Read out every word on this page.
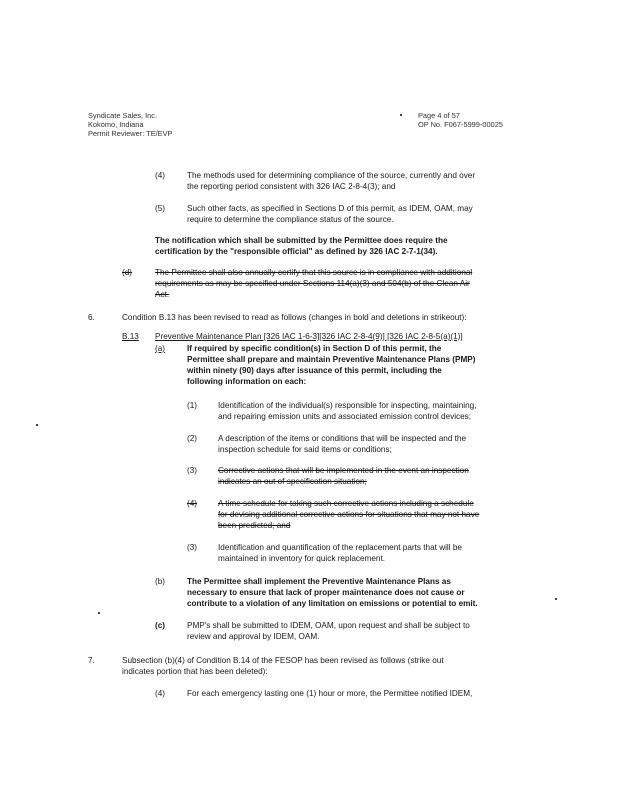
Syndicate Sales, Inc.
Kokomo, Indiana
Permit Reviewer: TE/EVP
Page 4 of 57
OP No. F067-5999-00025
(4)	The methods used for determining compliance of the source, currently and over
the reporting period consistent with 326 IAC 2-8-4(3); and
(5)	Such other facts, as specified in Sections D of this permit, as IDEM, OAM, may
require to determine the compliance status of the source.
The notification which shall be submitted by the Permittee does require the
certification by the "responsible official" as defined by 326 IAC 2-7-1(34).
(d)	The Permittee shall also annually certify that this source is in compliance with additional
requirements as may be specified under Sections 114(a)(3) and 504(b) of the Clean Air
Act.
6.	Condition B.13 has been revised to read as follows (changes in bold and deletions in strikeout):
B.13 Preventive Maintenance Plan [326 IAC 1-6-3][326 IAC 2-8-4(9)] [326 IAC 2-8-5(a)(1)]
(a)	If required by specific condition(s) in Section D of this permit, the
Permittee shall prepare and maintain Preventive Maintenance Plans (PMP)
within ninety (90) days after issuance of this permit, including the
following information on each:
(1)	Identification of the individual(s) responsible for inspecting, maintaining,
and repairing emission units and associated emission control devices;
(2)	A description of the items or conditions that will be inspected and the
inspection schedule for said items or conditions;
(3)	Corrective actions that will be implemented in the event an inspection
indicates an out of specification situation;
(4)	A time schedule for taking such corrective actions including a schedule
for devising additional corrective actions for situations that may not have
been predicted; and
(3)	Identification and quantification of the replacement parts that will be
maintained in inventory for quick replacement.
(b)	The Permittee shall implement the Preventive Maintenance Plans as
necessary to ensure that lack of proper maintenance does not cause or
contribute to a violation of any limitation on emissions or potential to emit.
(c)	PMP's shall be submitted to IDEM, OAM, upon request and shall be subject to
review and approval by IDEM, OAM.
7.	Subsection (b)(4) of Condition B.14 of the FESOP has been revised as follows (strike out
indicates portion that has been deleted):
(4)	For each emergency lasting one (1) hour or more, the Permittee notified IDEM,
